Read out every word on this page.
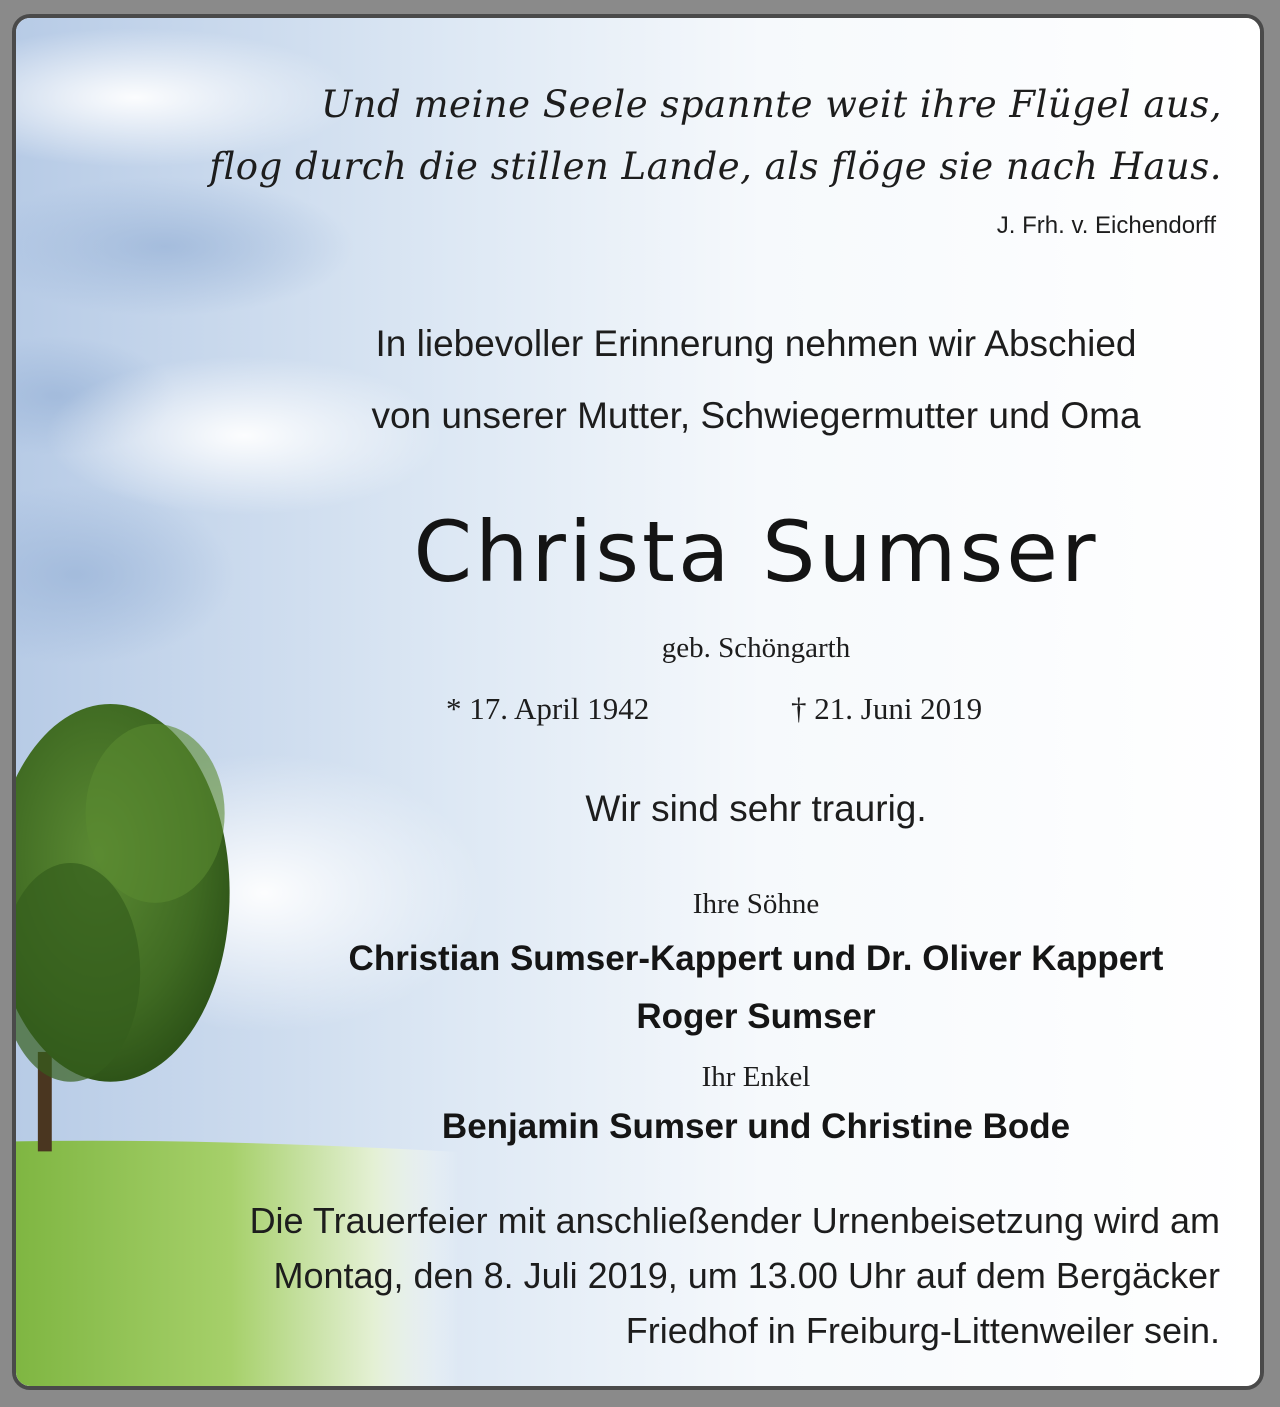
Und meine Seele spannte weit ihre Flügel aus,
flog durch die stillen Lande, als flöge sie nach Haus.
J. Frh. v. Eichendorff
In liebevoller Erinnerung nehmen wir Abschied
von unserer Mutter, Schwiegermutter und Oma
Christa Sumser
geb. Schöngarth
* 17. April 1942	† 21. Juni 2019
Wir sind sehr traurig.
Ihre Söhne
Christian Sumser-Kappert und Dr. Oliver Kappert
Roger Sumser
Ihr Enkel
Benjamin Sumser und Christine Bode
Die Trauerfeier mit anschließender Urnenbeisetzung wird am
Montag, den 8. Juli 2019, um 13.00 Uhr auf dem Bergäcker
Friedhof in Freiburg-Littenweiler sein.
